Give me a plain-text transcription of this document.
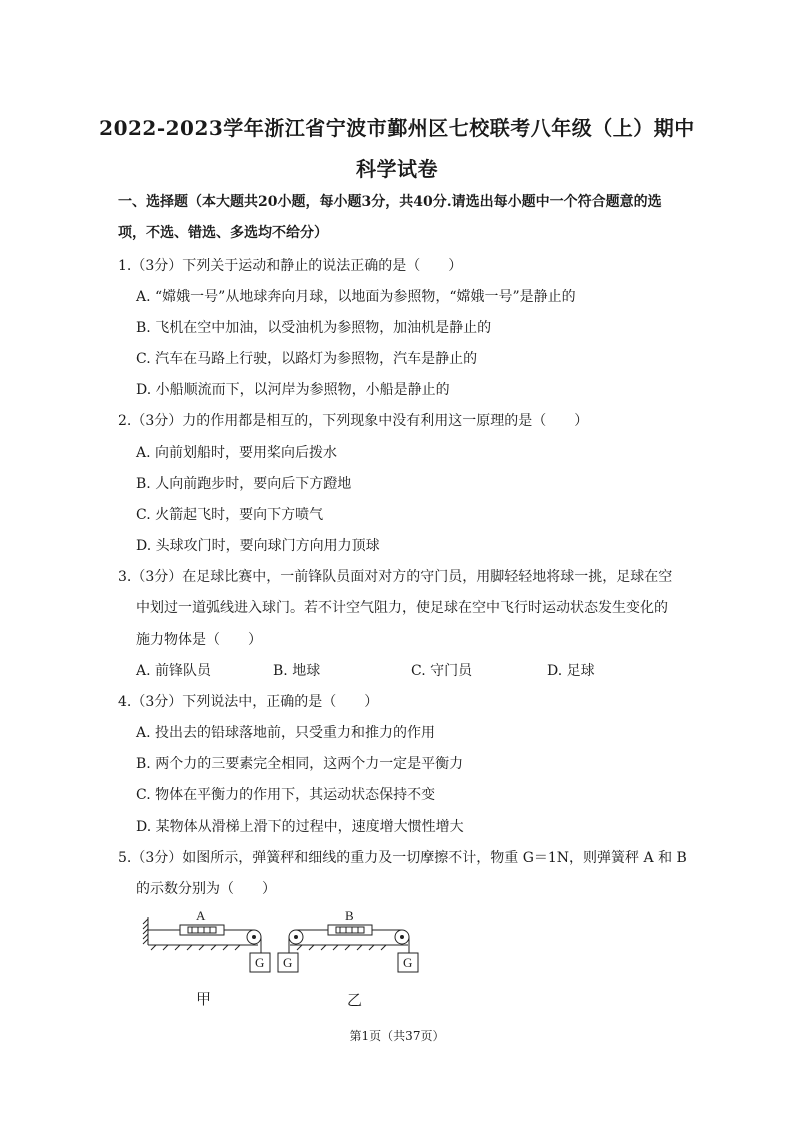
2022-2023学年浙江省宁波市鄞州区七校联考八年级（上）期中
科学试卷
一、选择题（本大题共20小题，每小题3分，共40分.请选出每小题中一个符合题意的选
项，不选、错选、多选均不给分）
1.（3分）下列关于运动和静止的说法正确的是（　　）
A. “嫦娥一号”从地球奔向月球，以地面为参照物，“嫦娥一号”是静止的
B. 飞机在空中加油，以受油机为参照物，加油机是静止的
C. 汽车在马路上行驶，以路灯为参照物，汽车是静止的
D. 小船顺流而下，以河岸为参照物，小船是静止的
2.（3分）力的作用都是相互的，下列现象中没有利用这一原理的是（　　）
A. 向前划船时，要用桨向后拨水
B. 人向前跑步时，要向后下方蹬地
C. 火箭起飞时，要向下方喷气
D. 头球攻门时，要向球门方向用力顶球
3.（3分）在足球比赛中，一前锋队员面对对方的守门员，用脚轻轻地将球一挑，足球在空
中划过一道弧线进入球门。若不计空气阻力，使足球在空中飞行时运动状态发生变化的
施力物体是（　　）
A. 前锋队员	B. 地球	C. 守门员	D. 足球
4.（3分）下列说法中，正确的是（　　）
A. 投出去的铅球落地前，只受重力和推力的作用
B. 两个力的三要素完全相同，这两个力一定是平衡力
C. 物体在平衡力的作用下，其运动状态保持不变
D. 某物体从滑梯上滑下的过程中，速度增大惯性增大
5.（3分）如图所示，弹簧秤和细线的重力及一切摩擦不计，物重 G＝1N，则弹簧秤 A 和 B
的示数分别为（　　）
A	B
G G	G
甲	乙
第1页（共37页）
